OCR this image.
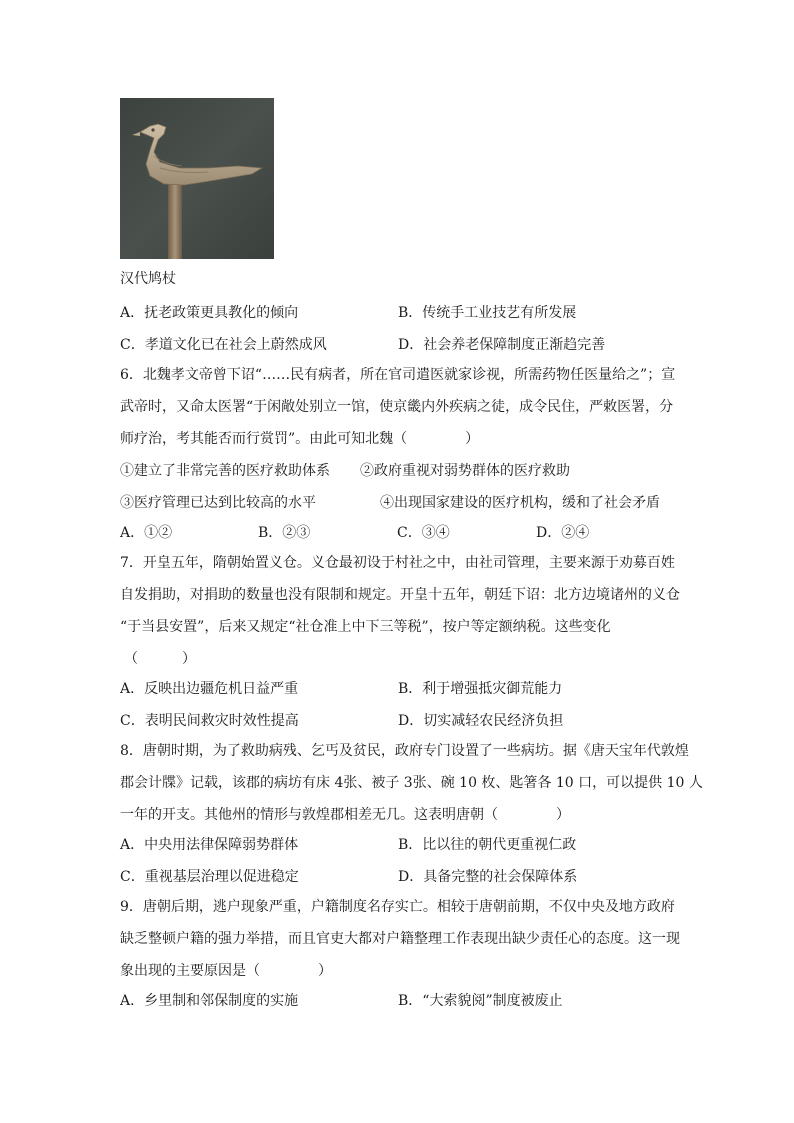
汉代鸠杖
A．抚老政策更具教化的倾向	B．传统手工业技艺有所发展
C．孝道文化已在社会上蔚然成风	D．社会养老保障制度正渐趋完善
6．北魏孝文帝曾下诏“……民有病者，所在官司遣医就家诊视，所需药物任医量给之”；宣
武帝时，又命太医署“于闲敞处别立一馆，使京畿内外疾病之徒，成令民住，严敕医署，分
师疗治，考其能否而行赏罚”。由此可知北魏（	）
①建立了非常完善的医疗救助体系 ②政府重视对弱势群体的医疗救助
③医疗管理已达到比较高的水平	④出现国家建设的医疗机构，缓和了社会矛盾
A．①②	B．②③	C．③④	D．②④
7．开皇五年，隋朝始置义仓。义仓最初设于村社之中，由社司管理，主要来源于劝募百姓
自发捐助，对捐助的数量也没有限制和规定。开皇十五年，朝廷下诏：北方边境诸州的义仓
“于当县安置”，后来又规定“社仓准上中下三等税”，按户等定额纳税。这些变化
（	）
A．反映出边疆危机日益严重	B．利于增强抵灾御荒能力
C．表明民间救灾时效性提高	D．切实减轻农民经济负担
8．唐朝时期，为了救助病残、乞丐及贫民，政府专门设置了一些病坊。据《唐天宝年代敦煌
郡会计牒》记载，该郡的病坊有床 4张、被子 3张、碗 10 枚、匙箸各 10 口，可以提供 10 人
一年的开支。其他州的情形与敦煌郡相差无几。这表明唐朝（	）
A．中央用法律保障弱势群体	B．比以往的朝代更重视仁政
C．重视基层治理以促进稳定	D．具备完整的社会保障体系
9．唐朝后期，逃户现象严重，户籍制度名存实亡。相较于唐朝前期，不仅中央及地方政府
缺乏整顿户籍的强力举措，而且官吏大都对户籍整理工作表现出缺少责任心的态度。这一现
象出现的主要原因是（	）
A．乡里制和邻保制度的实施	B．“大索貌阅”制度被废止
